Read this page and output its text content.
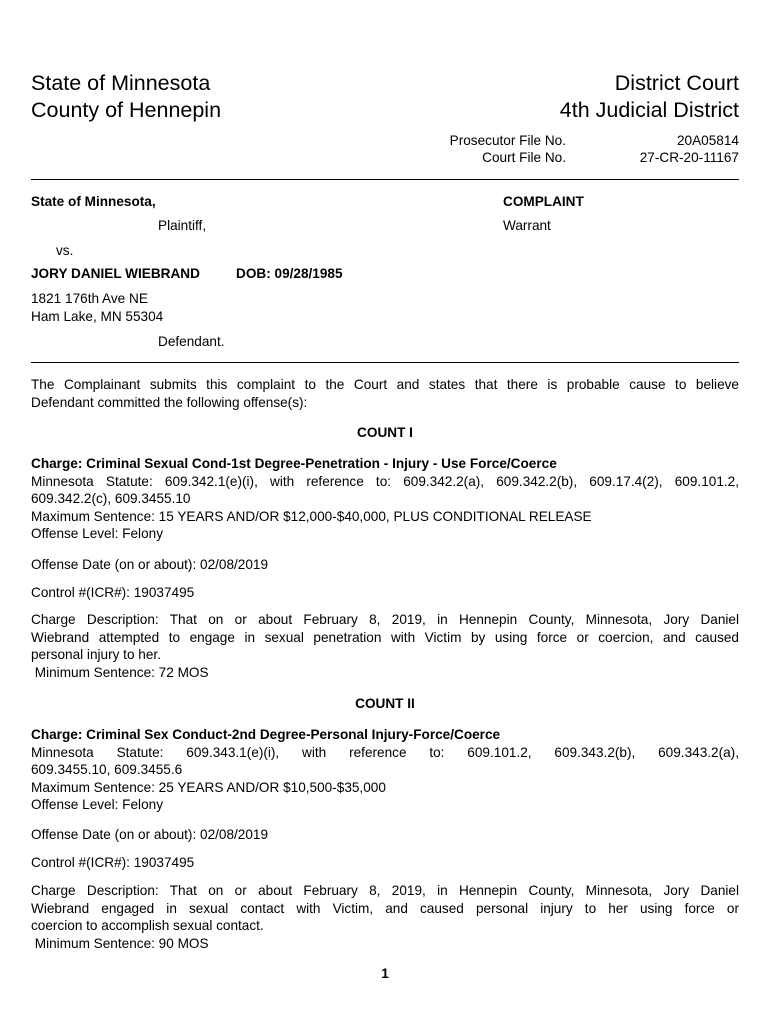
State of Minnesota
County of Hennepin
District Court
4th Judicial District
Prosecutor File No.	20A05814
Court File No.	27-CR-20-11167
State of Minnesota,
Plaintiff,
vs.
JORY DANIEL WIEBRAND	DOB: 09/28/1985
1821 176th Ave NE
Ham Lake, MN 55304
Defendant.
COMPLAINT
Warrant
The Complainant submits this complaint to the Court and states that there is probable cause to believe
Defendant committed the following offense(s):
COUNT I
Charge: Criminal Sexual Cond-1st Degree-Penetration - Injury - Use Force/Coerce
Minnesota Statute: 609.342.1(e)(i), with reference to: 609.342.2(a), 609.342.2(b), 609.17.4(2), 609.101.2,
609.342.2(c), 609.3455.10
Maximum Sentence: 15 YEARS AND/OR $12,000-$40,000, PLUS CONDITIONAL RELEASE
Offense Level: Felony
Offense Date (on or about): 02/08/2019
Control #(ICR#): 19037495
Charge Description: That on or about February 8, 2019, in Hennepin County, Minnesota, Jory Daniel
Wiebrand attempted to engage in sexual penetration with Victim by using force or coercion, and caused
personal injury to her.
Minimum Sentence: 72 MOS
COUNT II
Charge: Criminal Sex Conduct-2nd Degree-Personal Injury-Force/Coerce
Minnesota Statute: 609.343.1(e)(i), with reference to: 609.101.2, 609.343.2(b), 609.343.2(a),
609.3455.10, 609.3455.6
Maximum Sentence: 25 YEARS AND/OR $10,500-$35,000
Offense Level: Felony
Offense Date (on or about): 02/08/2019
Control #(ICR#): 19037495
Charge Description: That on or about February 8, 2019, in Hennepin County, Minnesota, Jory Daniel
Wiebrand engaged in sexual contact with Victim, and caused personal injury to her using force or
coercion to accomplish sexual contact.
Minimum Sentence: 90 MOS
1
